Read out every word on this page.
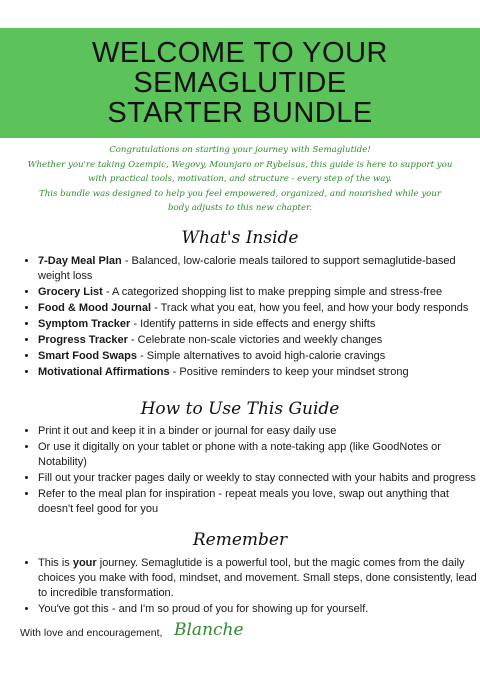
WELCOME TO YOUR
SEMAGLUTIDE
STARTER BUNDLE
Congratulations on starting your journey with Semaglutide!
Whether you're taking Ozempic, Wegovy, Mounjaro or Rybelsus, this guide is here to support you
with practical tools, motivation, and structure - every step of the way.
This bundle was designed to help you feel empowered, organized, and nourished while your
body adjusts to this new chapter.
What's Inside
• 7-Day Meal Plan - Balanced, low-calorie meals tailored to support semaglutide-based weight loss
• Grocery List - A categorized shopping list to make prepping simple and stress-free
• Food & Mood Journal - Track what you eat, how you feel, and how your body responds
• Symptom Tracker - Identify patterns in side effects and energy shifts
• Progress Tracker - Celebrate non-scale victories and weekly changes
• Smart Food Swaps - Simple alternatives to avoid high-calorie cravings
• Motivational Affirmations - Positive reminders to keep your mindset strong
How to Use This Guide
• Print it out and keep it in a binder or journal for easy daily use
• Or use it digitally on your tablet or phone with a note-taking app (like GoodNotes or Notability)
• Fill out your tracker pages daily or weekly to stay connected with your habits and progress
• Refer to the meal plan for inspiration - repeat meals you love, swap out anything that doesn't feel good for you
Remember
• This is your journey. Semaglutide is a powerful tool, but the magic comes from the daily choices you make with food, mindset, and movement. Small steps, done consistently, lead to incredible transformation.
• You've got this - and I'm so proud of you for showing up for yourself.
With love and encouragement, Blanche
